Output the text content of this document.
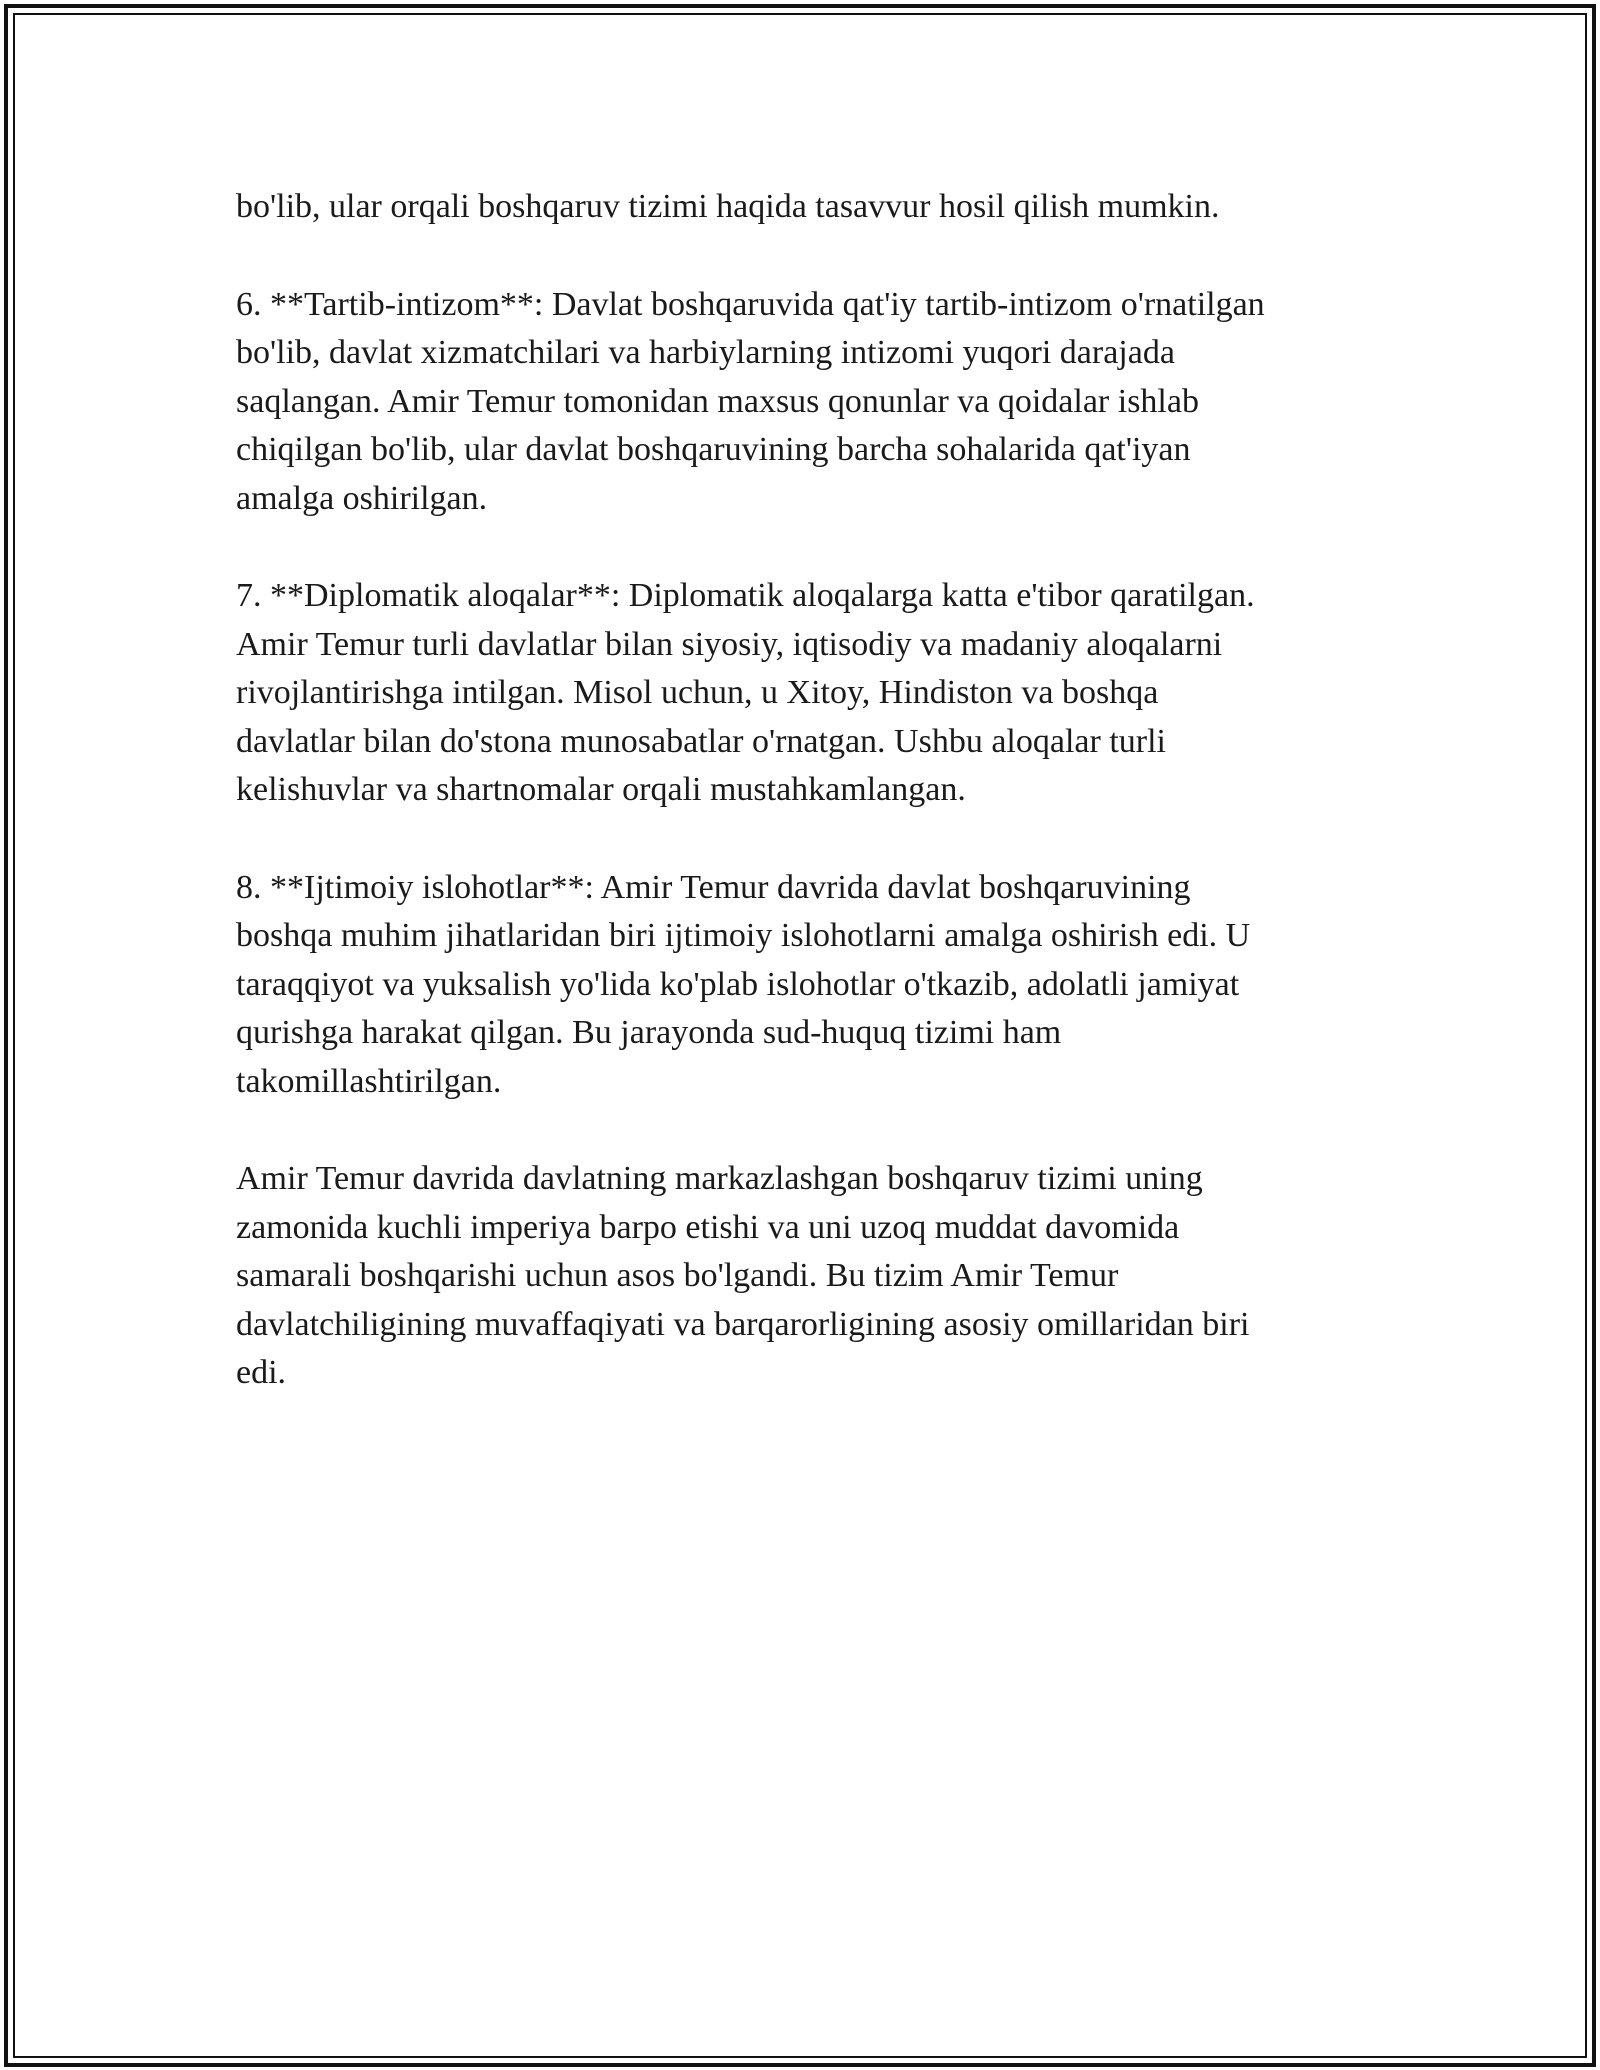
bo'lib, ular orqali boshqaruv tizimi haqida tasavvur hosil qilish mumkin.

6. **Tartib-intizom**: Davlat boshqaruvida qat'iy tartib-intizom o'rnatilgan
bo'lib, davlat xizmatchilari va harbiylarning intizomi yuqori darajada
saqlangan. Amir Temur tomonidan maxsus qonunlar va qoidalar ishlab
chiqilgan bo'lib, ular davlat boshqaruvining barcha sohalarida qat'iyan
amalga oshirilgan.

7. **Diplomatik aloqalar**: Diplomatik aloqalarga katta e'tibor qaratilgan.
Amir Temur turli davlatlar bilan siyosiy, iqtisodiy va madaniy aloqalarni
rivojlantirishga intilgan. Misol uchun, u Xitoy, Hindiston va boshqa
davlatlar bilan do'stona munosabatlar o'rnatgan. Ushbu aloqalar turli
kelishuvlar va shartnomalar orqali mustahkamlangan.

8. **Ijtimoiy islohotlar**: Amir Temur davrida davlat boshqaruvining
boshqa muhim jihatlaridan biri ijtimoiy islohotlarni amalga oshirish edi. U
taraqqiyot va yuksalish yo'lida ko'plab islohotlar o'tkazib, adolatli jamiyat
qurishga harakat qilgan. Bu jarayonda sud-huquq tizimi ham
takomillashtirilgan.

Amir Temur davrida davlatning markazlashgan boshqaruv tizimi uning
zamonida kuchli imperiya barpo etishi va uni uzoq muddat davomida
samarali boshqarishi uchun asos bo'lgandi. Bu tizim Amir Temur
davlatchiligining muvaffaqiyati va barqarorligining asosiy omillaridan biri
edi.
